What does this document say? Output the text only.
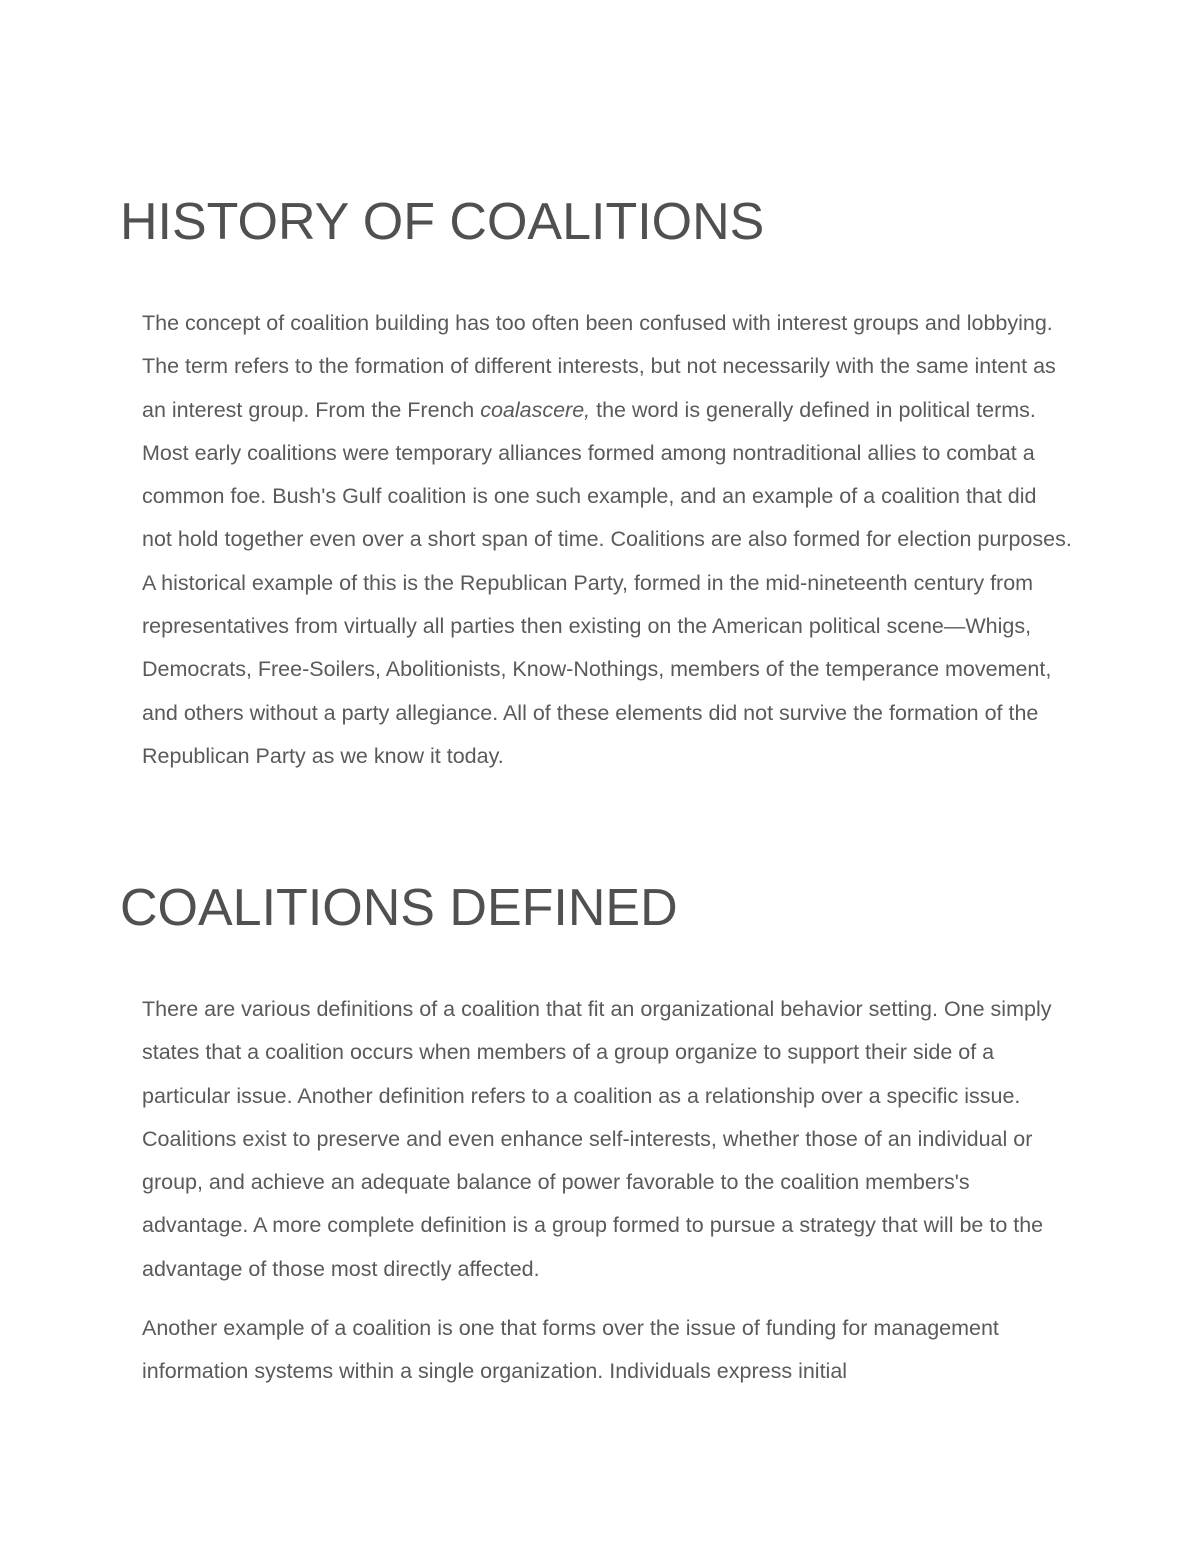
HISTORY OF COALITIONS

The concept of coalition building has too often been confused with interest groups and lobbying. The term refers to the formation of different interests, but not necessarily with the same intent as an interest group. From the French coalascere, the word is generally defined in political terms. Most early coalitions were temporary alliances formed among nontraditional allies to combat a common foe. Bush's Gulf coalition is one such example, and an example of a coalition that did not hold together even over a short span of time. Coalitions are also formed for election purposes. A historical example of this is the Republican Party, formed in the mid-nineteenth century from representatives from virtually all parties then existing on the American political scene—Whigs, Democrats, Free-Soilers, Abolitionists, Know-Nothings, members of the temperance movement, and others without a party allegiance. All of these elements did not survive the formation of the Republican Party as we know it today.

COALITIONS DEFINED

There are various definitions of a coalition that fit an organizational behavior setting. One simply states that a coalition occurs when members of a group organize to support their side of a particular issue. Another definition refers to a coalition as a relationship over a specific issue. Coalitions exist to preserve and even enhance self-interests, whether those of an individual or group, and achieve an adequate balance of power favorable to the coalition members's advantage. A more complete definition is a group formed to pursue a strategy that will be to the advantage of those most directly affected.

Another example of a coalition is one that forms over the issue of funding for management information systems within a single organization. Individuals express initial
